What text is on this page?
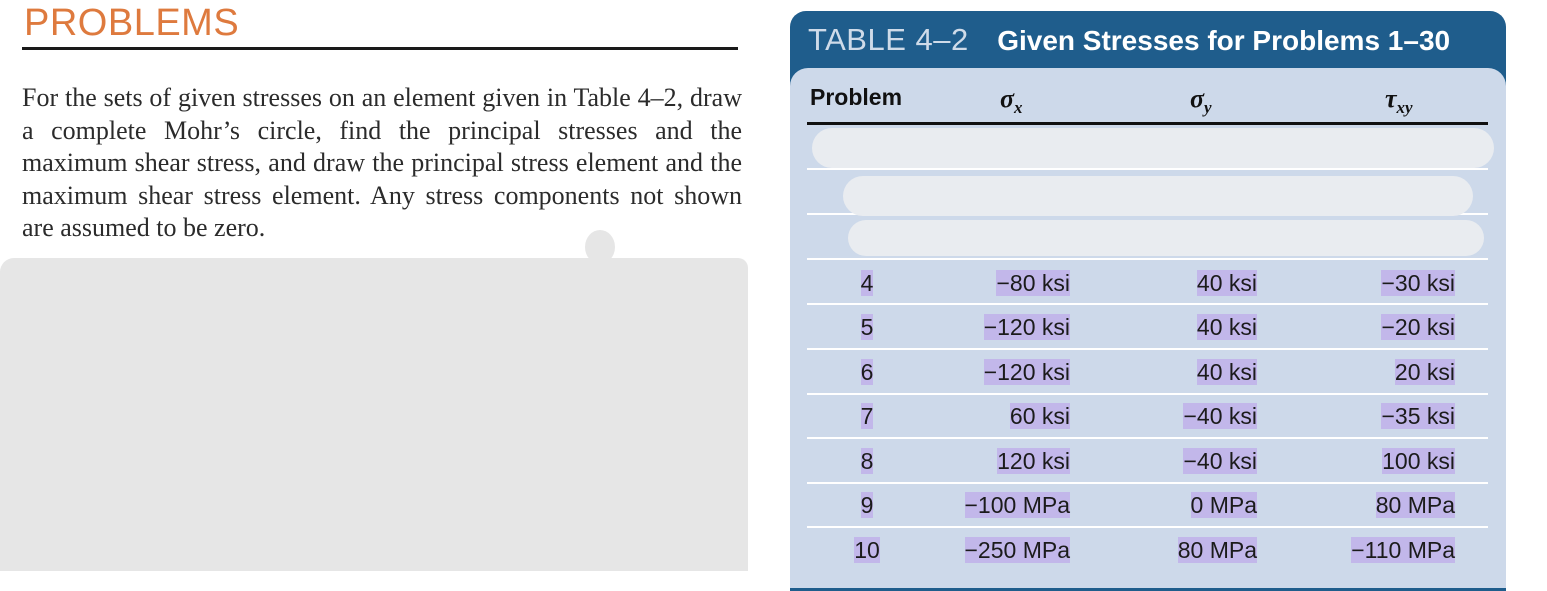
PROBLEMS
For the sets of given stresses on an element given in Table 4–2, draw a complete Mohr’s circle, find the principal stresses and the maximum shear stress, and draw the principal stress element and the maximum shear stress element. Any stress components not shown are assumed to be zero.
TABLE 4–2 Given Stresses for Problems 1–30
Problem	$\sigma_x$	$\sigma_y$	$\tau_{xy}$
4	−80 ksi	40 ksi	−30 ksi
5	−120 ksi	40 ksi	−20 ksi
6	−120 ksi	40 ksi	20 ksi
7	60 ksi	−40 ksi	−35 ksi
8	120 ksi	−40 ksi	100 ksi
9	−100 MPa	0 MPa	80 MPa
10	−250 MPa	80 MPa	−110 MPa
